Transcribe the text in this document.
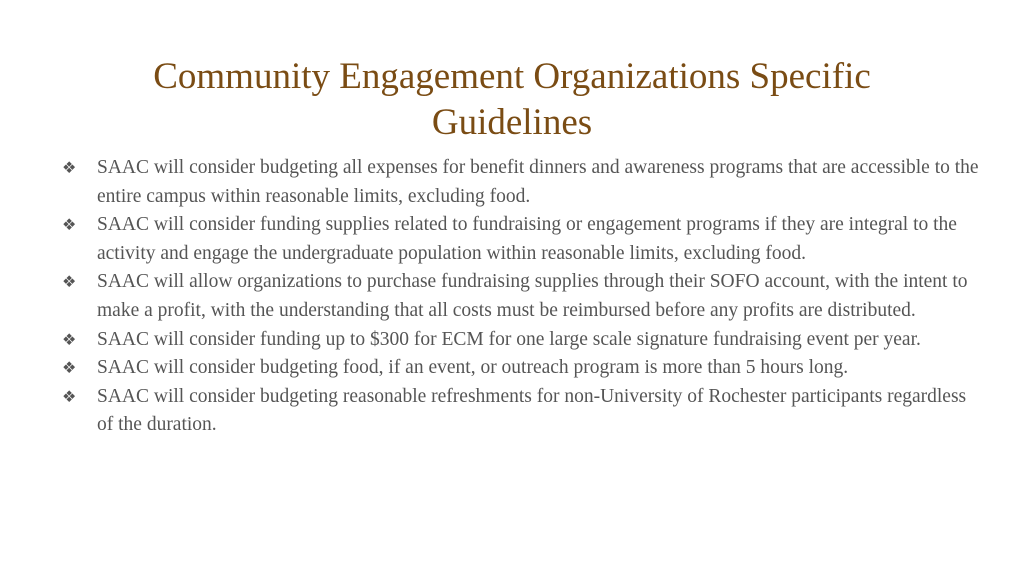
Community Engagement Organizations Specific Guidelines
❖	SAAC will consider budgeting all expenses for benefit dinners and awareness programs that are accessible to the entire campus within reasonable limits, excluding food.
❖	SAAC will consider funding supplies related to fundraising or engagement programs if they are integral to the activity and engage the undergraduate population within reasonable limits, excluding food.
❖	SAAC will allow organizations to purchase fundraising supplies through their SOFO account, with the intent to make a profit, with the understanding that all costs must be reimbursed before any profits are distributed.
❖	SAAC will consider funding up to $300 for ECM for one large scale signature fundraising event per year.
❖	SAAC will consider budgeting food, if an event, or outreach program is more than 5 hours long.
❖	SAAC will consider budgeting reasonable refreshments for non-University of Rochester participants regardless of the duration.
